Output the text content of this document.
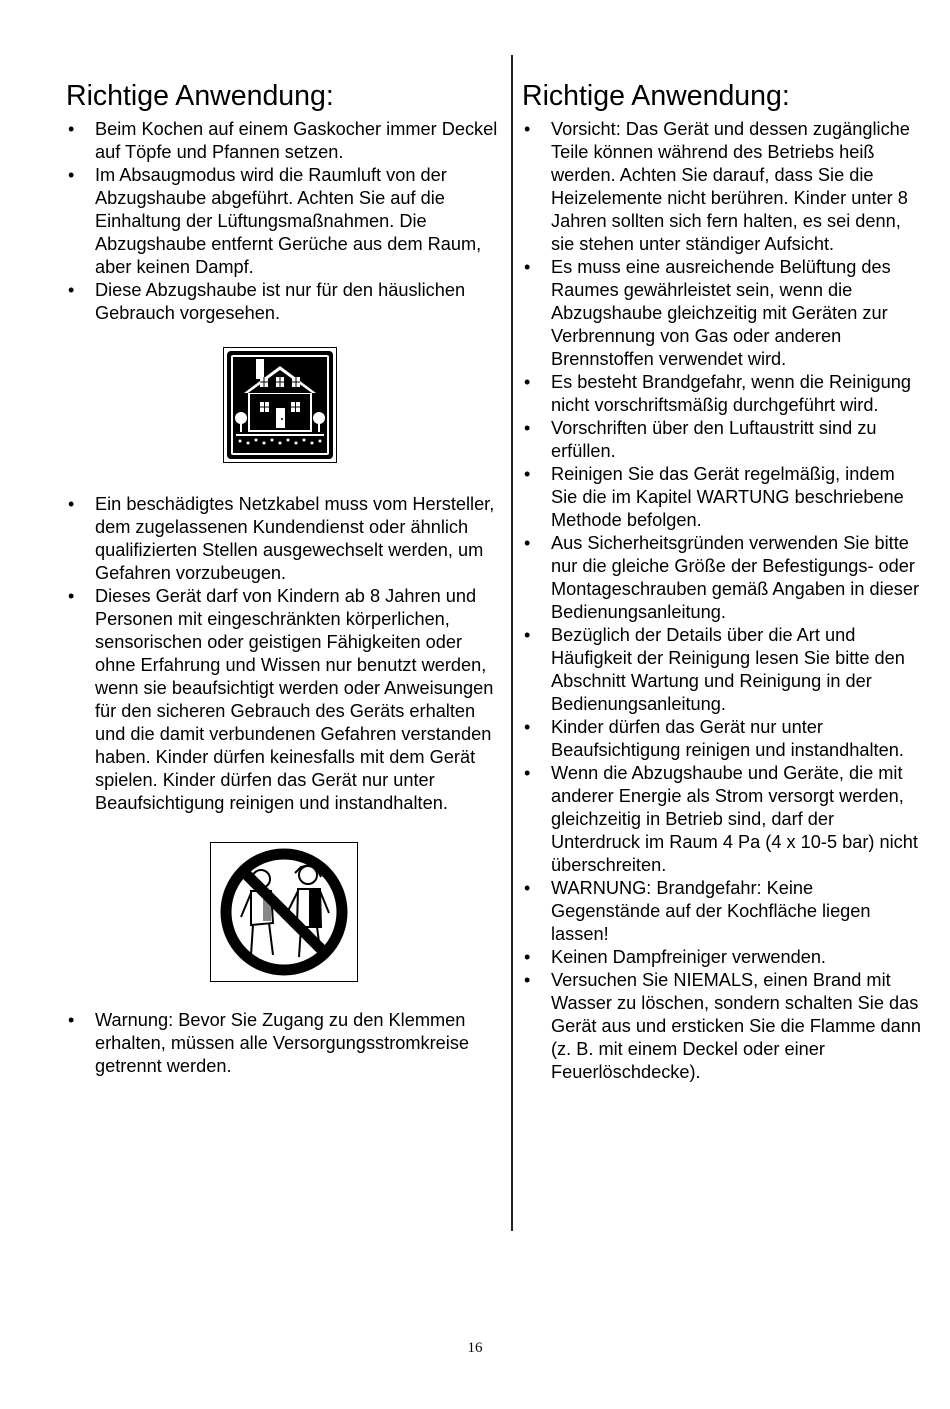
Richtige Anwendung:
• Beim Kochen auf einem Gaskocher immer Deckel auf Töpfe und Pfannen setzen.
• Im Absaugmodus wird die Raumluft von der Abzugshaube abgeführt. Achten Sie auf die Einhaltung der Lüftungsmaßnahmen. Die Abzugshaube entfernt Gerüche aus dem Raum, aber keinen Dampf.
• Diese Abzugshaube ist nur für den häuslichen Gebrauch vorgesehen.
• Ein beschädigtes Netzkabel muss vom Hersteller, dem zugelassenen Kundendienst oder ähnlich qualifizierten Stellen ausgewechselt werden, um Gefahren vorzubeugen.
• Dieses Gerät darf von Kindern ab 8 Jahren und Personen mit eingeschränkten körperlichen, sensorischen oder geistigen Fähigkeiten oder ohne Erfahrung und Wissen nur benutzt werden, wenn sie beaufsichtigt werden oder Anweisungen für den sicheren Gebrauch des Geräts erhalten und die damit verbundenen Gefahren verstanden haben. Kinder dürfen keinesfalls mit dem Gerät spielen. Kinder dürfen das Gerät nur unter Beaufsichtigung reinigen und instandhalten.
• Warnung: Bevor Sie Zugang zu den Klemmen erhalten, müssen alle Versorgungsstromkreise getrennt werden.
Richtige Anwendung:
• Vorsicht: Das Gerät und dessen zugängliche Teile können während des Betriebs heiß werden. Achten Sie darauf, dass Sie die Heizelemente nicht berühren. Kinder unter 8 Jahren sollten sich fern halten, es sei denn, sie stehen unter ständiger Aufsicht.
• Es muss eine ausreichende Belüftung des Raumes gewährleistet sein, wenn die Abzugshaube gleichzeitig mit Geräten zur Verbrennung von Gas oder anderen Brennstoffen verwendet wird.
• Es besteht Brandgefahr, wenn die Reinigung nicht vorschriftsmäßig durchgeführt wird.
• Vorschriften über den Luftaustritt sind zu erfüllen.
• Reinigen Sie das Gerät regelmäßig, indem Sie die im Kapitel WARTUNG beschriebene Methode befolgen.
• Aus Sicherheitsgründen verwenden Sie bitte nur die gleiche Größe der Befestigungs- oder Montageschrauben gemäß Angaben in dieser Bedienungsanleitung.
• Bezüglich der Details über die Art und Häufigkeit der Reinigung lesen Sie bitte den Abschnitt Wartung und Reinigung in der Bedienungsanleitung.
• Kinder dürfen das Gerät nur unter Beaufsichtigung reinigen und instandhalten.
• Wenn die Abzugshaube und Geräte, die mit anderer Energie als Strom versorgt werden, gleichzeitig in Betrieb sind, darf der Unterdruck im Raum 4 Pa (4 x 10-5 bar) nicht überschreiten.
• WARNUNG: Brandgefahr: Keine Gegenstände auf der Kochfläche liegen lassen!
• Keinen Dampfreiniger verwenden.
• Versuchen Sie NIEMALS, einen Brand mit Wasser zu löschen, sondern schalten Sie das Gerät aus und ersticken Sie die Flamme dann (z. B. mit einem Deckel oder einer Feuerlöschdecke).
16
